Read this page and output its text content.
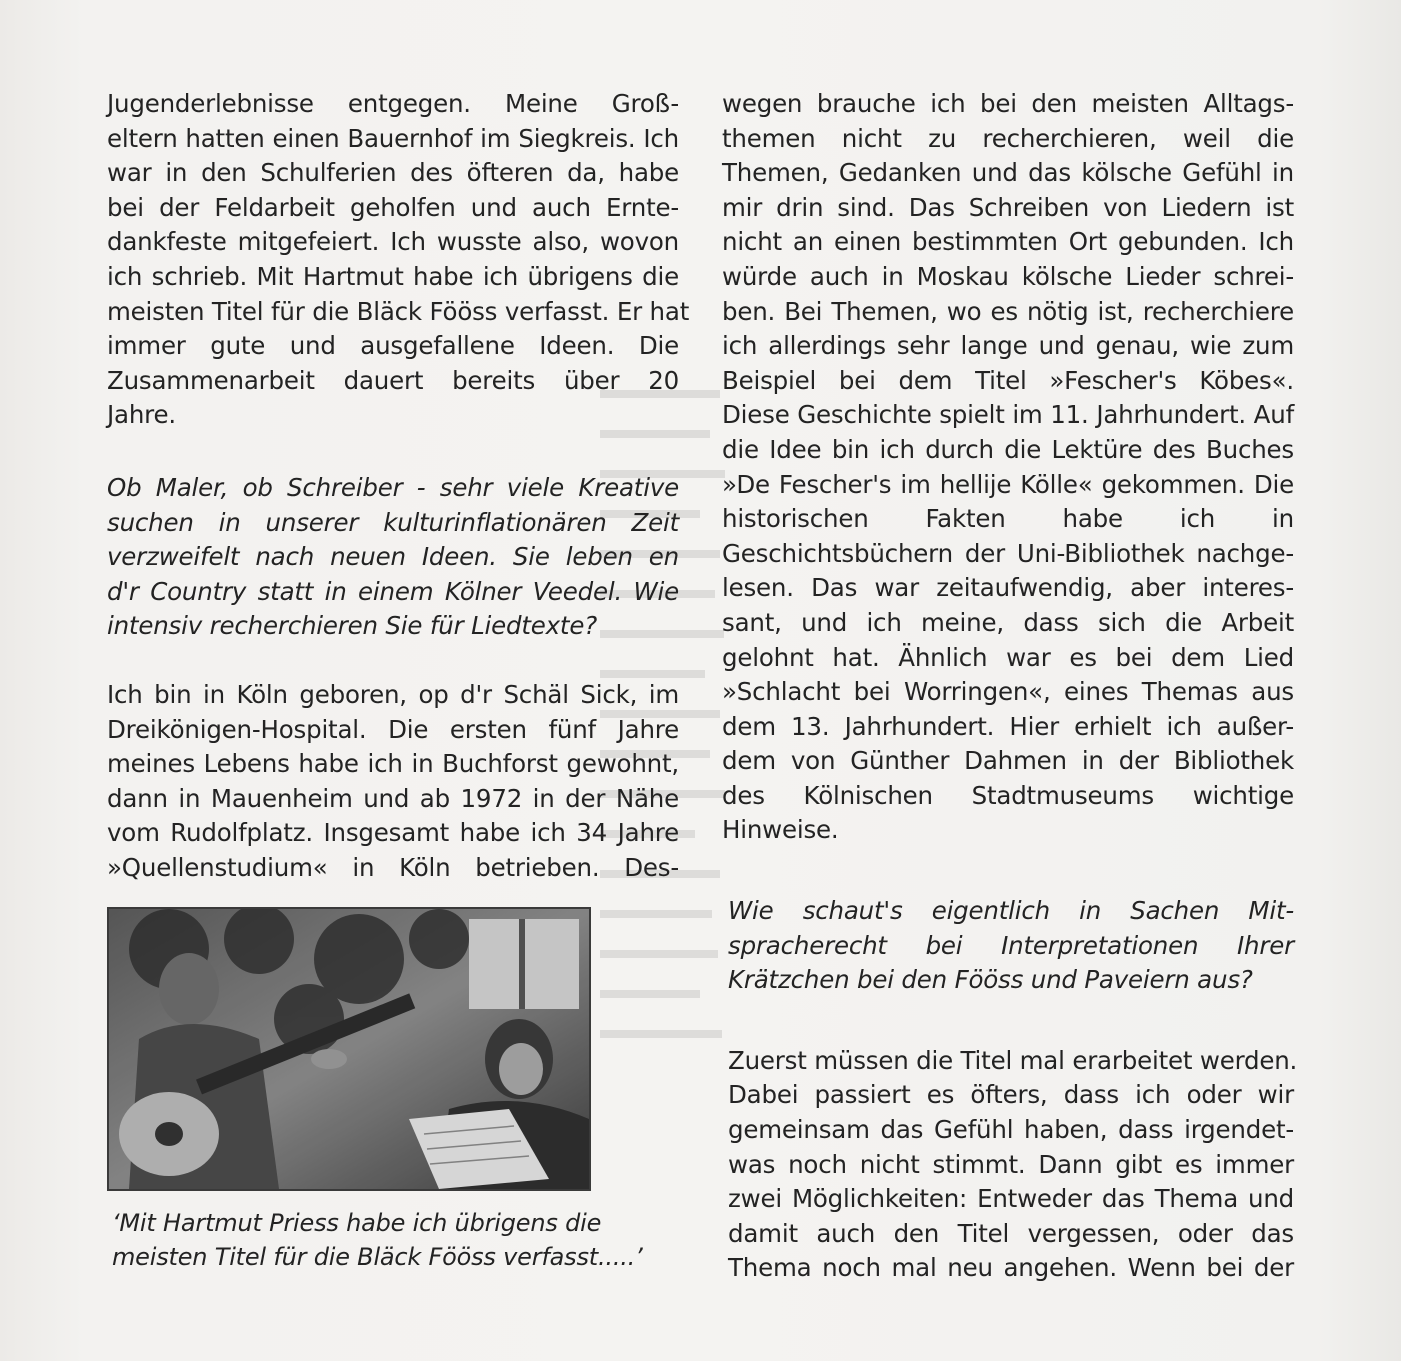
Jugenderlebnisse entgegen. Meine Groß-
eltern hatten einen Bauernhof im Siegkreis. Ich
war in den Schulferien des öfteren da, habe
bei der Feldarbeit geholfen und auch Ernte-
dankfeste mitgefeiert. Ich wusste also, wovon
ich schrieb. Mit Hartmut habe ich übrigens die
meisten Titel für die Bläck Fööss verfasst. Er hat
immer gute und ausgefallene Ideen. Die
Zusammenarbeit dauert bereits über 20
Jahre.
Ob Maler, ob Schreiber - sehr viele Kreative
suchen in unserer kulturinflationären Zeit
verzweifelt nach neuen Ideen. Sie leben en
d'r Country statt in einem Kölner Veedel. Wie
intensiv recherchieren Sie für Liedtexte?
Ich bin in Köln geboren, op d'r Schäl Sick, im
Dreikönigen-Hospital. Die ersten fünf Jahre
meines Lebens habe ich in Buchforst gewohnt,
dann in Mauenheim und ab 1972 in der Nähe
vom Rudolfplatz. Insgesamt habe ich 34 Jahre
»Quellenstudium« in Köln betrieben. Des-
‘Mit Hartmut Priess habe ich übrigens die
meisten Titel für die Bläck Fööss verfasst.....’
wegen brauche ich bei den meisten Alltags-
themen nicht zu recherchieren, weil die
Themen, Gedanken und das kölsche Gefühl in
mir drin sind. Das Schreiben von Liedern ist
nicht an einen bestimmten Ort gebunden. Ich
würde auch in Moskau kölsche Lieder schrei-
ben. Bei Themen, wo es nötig ist, recherchiere
ich allerdings sehr lange und genau, wie zum
Beispiel bei dem Titel »Fescher's Köbes«.
Diese Geschichte spielt im 11. Jahrhundert. Auf
die Idee bin ich durch die Lektüre des Buches
»De Fescher's im hellije Kölle« gekommen. Die
historischen Fakten habe ich in
Geschichtsbüchern der Uni-Bibliothek nachge-
lesen. Das war zeitaufwendig, aber interes-
sant, und ich meine, dass sich die Arbeit
gelohnt hat. Ähnlich war es bei dem Lied
»Schlacht bei Worringen«, eines Themas aus
dem 13. Jahrhundert. Hier erhielt ich außer-
dem von Günther Dahmen in der Bibliothek
des Kölnischen Stadtmuseums wichtige
Hinweise.
Wie schaut's eigentlich in Sachen Mit-
spracherecht bei Interpretationen Ihrer
Krätzchen bei den Fööss und Paveiern aus?
Zuerst müssen die Titel mal erarbeitet werden.
Dabei passiert es öfters, dass ich oder wir
gemeinsam das Gefühl haben, dass irgendet-
was noch nicht stimmt. Dann gibt es immer
zwei Möglichkeiten: Entweder das Thema und
damit auch den Titel vergessen, oder das
Thema noch mal neu angehen. Wenn bei der
